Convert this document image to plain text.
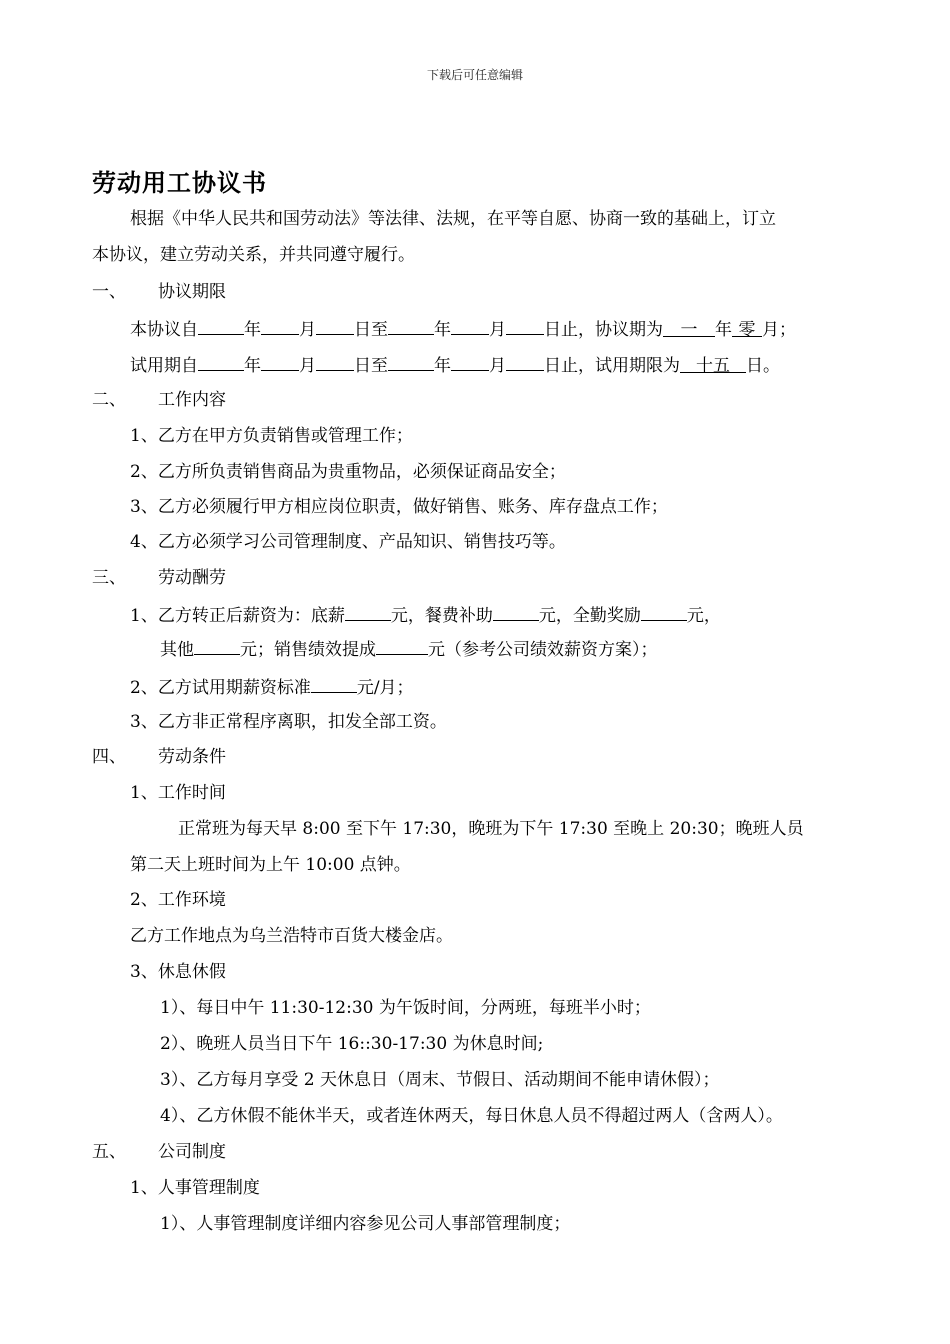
下载后可任意编辑
劳动用工协议书
根据《中华人民共和国劳动法》等法律、法规，在平等自愿、协商一致的基础上，订立
本协议，建立劳动关系，并共同遵守履行。
一、 协议期限
本协议自	年 月 日至	年 月 日止，协议期为 一 年 零 月；
试用期自	年 月 日至	年 月 日止，试用期限为 十五 日。
二、 工作内容
1、乙方在甲方负责销售或管理工作；
2、乙方所负责销售商品为贵重物品，必须保证商品安全；
3、乙方必须履行甲方相应岗位职责，做好销售、账务、库存盘点工作；
4、乙方必须学习公司管理制度、产品知识、销售技巧等。
三、 劳动酬劳
1、乙方转正后薪资为：底薪	元，餐费补助	元，全勤奖励	元，
其他	元；销售绩效提成	元（参考公司绩效薪资方案）；
2、乙方试用期薪资标准	元/月；
3、乙方非正常程序离职，扣发全部工资。
四、 劳动条件
1、工作时间
正常班为每天早 8:00 至下午 17:30，晚班为下午 17:30 至晚上 20:30；晚班人员
第二天上班时间为上午 10:00 点钟。
2、工作环境
乙方工作地点为乌兰浩特市百货大楼金店。
3、休息休假
1）、每日中午 11:30-12:30 为午饭时间，分两班，每班半小时；
2）、晚班人员当日下午 16::30-17:30 为休息时间;
3）、乙方每月享受 2 天休息日（周末、节假日、活动期间不能申请休假）；
4）、乙方休假不能休半天，或者连休两天，每日休息人员不得超过两人（含两人）。
五、 公司制度
1、人事管理制度
1）、人事管理制度详细内容参见公司人事部管理制度；
